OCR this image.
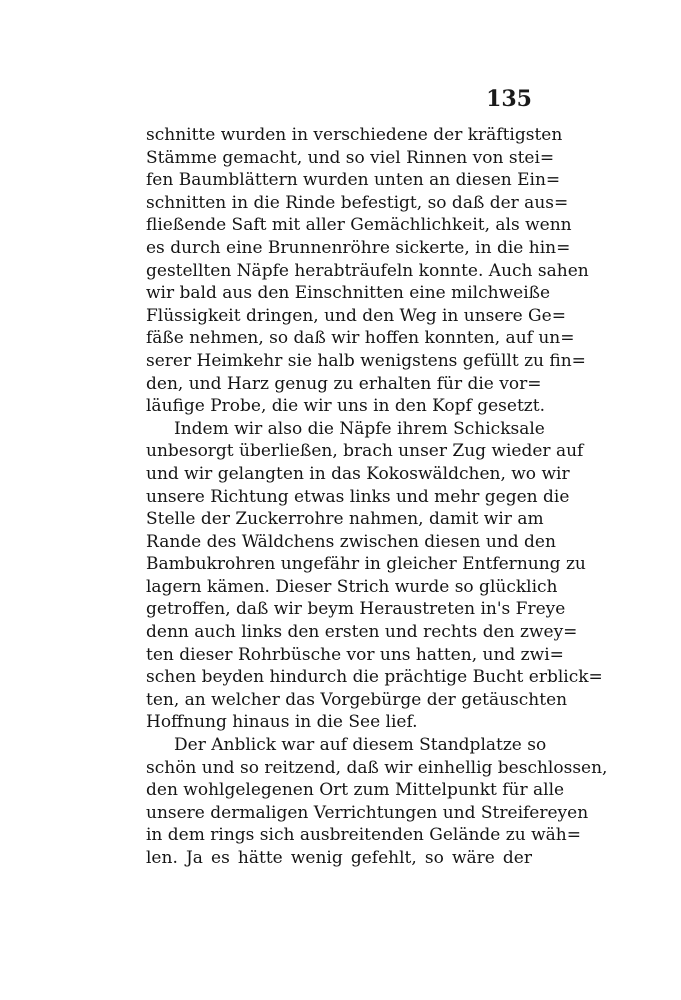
135
schnitte wurden in verschiedene der kräftigsten
Stämme gemacht, und so viel Rinnen von stei=
fen Baumblättern wurden unten an diesen Ein=
schnitten in die Rinde befestigt, so daß der aus=
fließende Saft mit aller Gemächlichkeit, als wenn
es durch eine Brunnenröhre sickerte, in die hin=
gestellten Näpfe herabträufeln konnte. Auch sahen
wir bald aus den Einschnitten eine milchweiße
Flüssigkeit dringen, und den Weg in unsere Ge=
fäße nehmen, so daß wir hoffen konnten, auf un=
serer Heimkehr sie halb wenigstens gefüllt zu fin=
den, und Harz genug zu erhalten für die vor=
läufige Probe, die wir uns in den Kopf gesetzt.
Indem wir also die Näpfe ihrem Schicksale
unbesorgt überließen, brach unser Zug wieder auf
und wir gelangten in das Kokoswäldchen, wo wir
unsere Richtung etwas links und mehr gegen die
Stelle der Zuckerrohre nahmen, damit wir am
Rande des Wäldchens zwischen diesen und den
Bambukrohren ungefähr in gleicher Entfernung zu
lagern kämen. Dieser Strich wurde so glücklich
getroffen, daß wir beym Heraustreten in's Freye
denn auch links den ersten und rechts den zwey=
ten dieser Rohrbüsche vor uns hatten, und zwi=
schen beyden hindurch die prächtige Bucht erblick=
ten, an welcher das Vorgebürge der getäuschten
Hoffnung hinaus in die See lief.
Der Anblick war auf diesem Standplatze so
schön und so reitzend, daß wir einhellig beschlossen,
den wohlgelegenen Ort zum Mittelpunkt für alle
unsere dermaligen Verrichtungen und Streifereyen
in dem rings sich ausbreitenden Gelände zu wäh=
len. Ja es hätte wenig gefehlt, so wäre der
